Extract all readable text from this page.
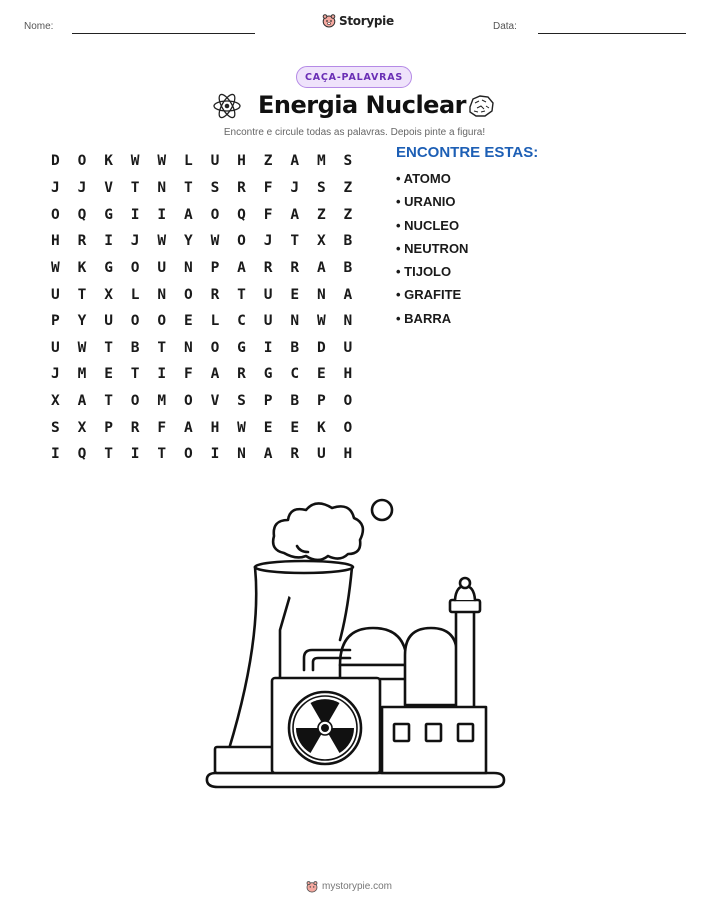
Nome:	Storypie	Data:
CAÇA-PALAVRAS
Energia Nuclear
Encontre e circule todas as palavras. Depois pinte a figura!
D	O	K	W	W	L	U	H	Z	A	M	S
J	J	V	T	N	T	S	R	F	J	S	Z
O	Q	G	I	I	A	O	Q	F	A	Z	Z
H	R	I	J	W	Y	W	O	J	T	X	B
W	K	G	O	U	N	P	A	R	R	A	B
U	T	X	L	N	O	R	T	U	E	N	A
P	Y	U	O	O	E	L	C	U	N	W	N
U	W	T	B	T	N	O	G	I	B	D	U
J	M	E	T	I	F	A	R	G	C	E	H
X	A	T	O	M	O	V	S	P	B	P	O
S	X	P	R	F	A	H	W	E	E	K	O
I	Q	T	I	T	O	I	N	A	R	U	H
ENCONTRE ESTAS:
• ATOMO
• URANIO
• NUCLEO
• NEUTRON
• TIJOLO
• GRAFITE
• BARRA
mystorypie.com
